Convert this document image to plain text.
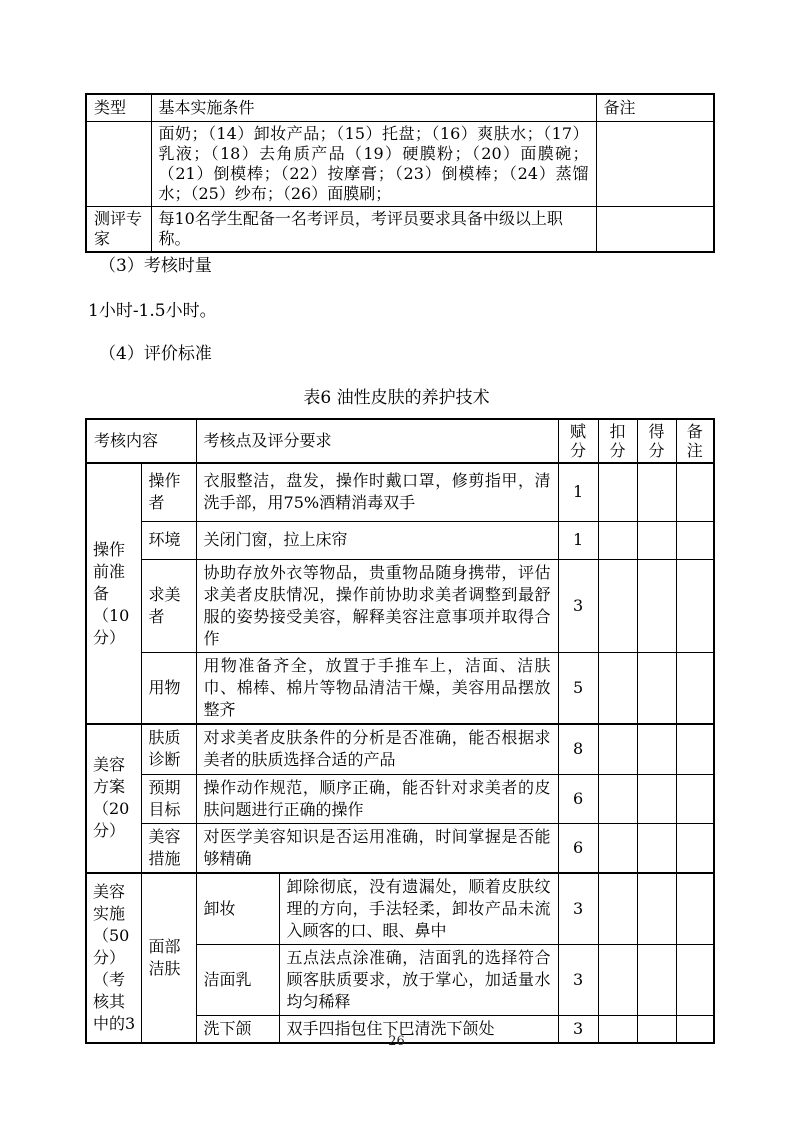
类型	基本实施条件	备注
	面奶；（14）卸妆产品；（15）托盘；（16）爽肤水；（17）乳液；（18）去角质产品（19）硬膜粉；（20）面膜碗；（21）倒模棒；（22）按摩膏；（23）倒模棒；（24）蒸馏水；（25）纱布；（26）面膜刷；	
测评专家	每10名学生配备一名考评员，考评员要求具备中级以上职称。	

（3）考核时量

1小时-1.5小时。

（4）评价标准

表6 油性皮肤的养护技术
考核内容		考核点及评分要求		赋分	扣分	得分	备注

操作前准备（10分）	操作者	衣服整洁，盘发，操作时戴口罩，修剪指甲，清洗手部，用75%酒精消毒双手		1			
	环境	关闭门窗，拉上床帘		1			
	求美者	协助存放外衣等物品，贵重物品随身携带，评估求美者皮肤情况，操作前协助求美者调整到最舒服的姿势接受美容，解释美容注意事项并取得合作		3			
	用物	用物准备齐全，放置于手推车上，洁面、洁肤巾、棉棒、棉片等物品清洁干燥，美容用品摆放整齐		5			
美容方案（20分）	肤质诊断	对求美者皮肤条件的分析是否准确，能否根据求美者的肤质选择合适的产品		8			
	预期目标	操作动作规范，顺序正确，能否针对求美者的皮肤问题进行正确的操作		6			
	美容措施	对医学美容知识是否运用准确，时间掌握是否能够精确		6			
美容实施（50分）（考核其中的3	面部洁肤	卸妆	卸除彻底，没有遗漏处，顺着皮肤纹理的方向，手法轻柔，卸妆产品未流入顾客的口、眼、鼻中	3			
		洁面乳	五点法点涂准确，洁面乳的选择符合顾客肤质要求，放于掌心，加适量水均匀稀释	3			
		洗下颌	双手四指包住下巴清洗下颌处	3			
26
